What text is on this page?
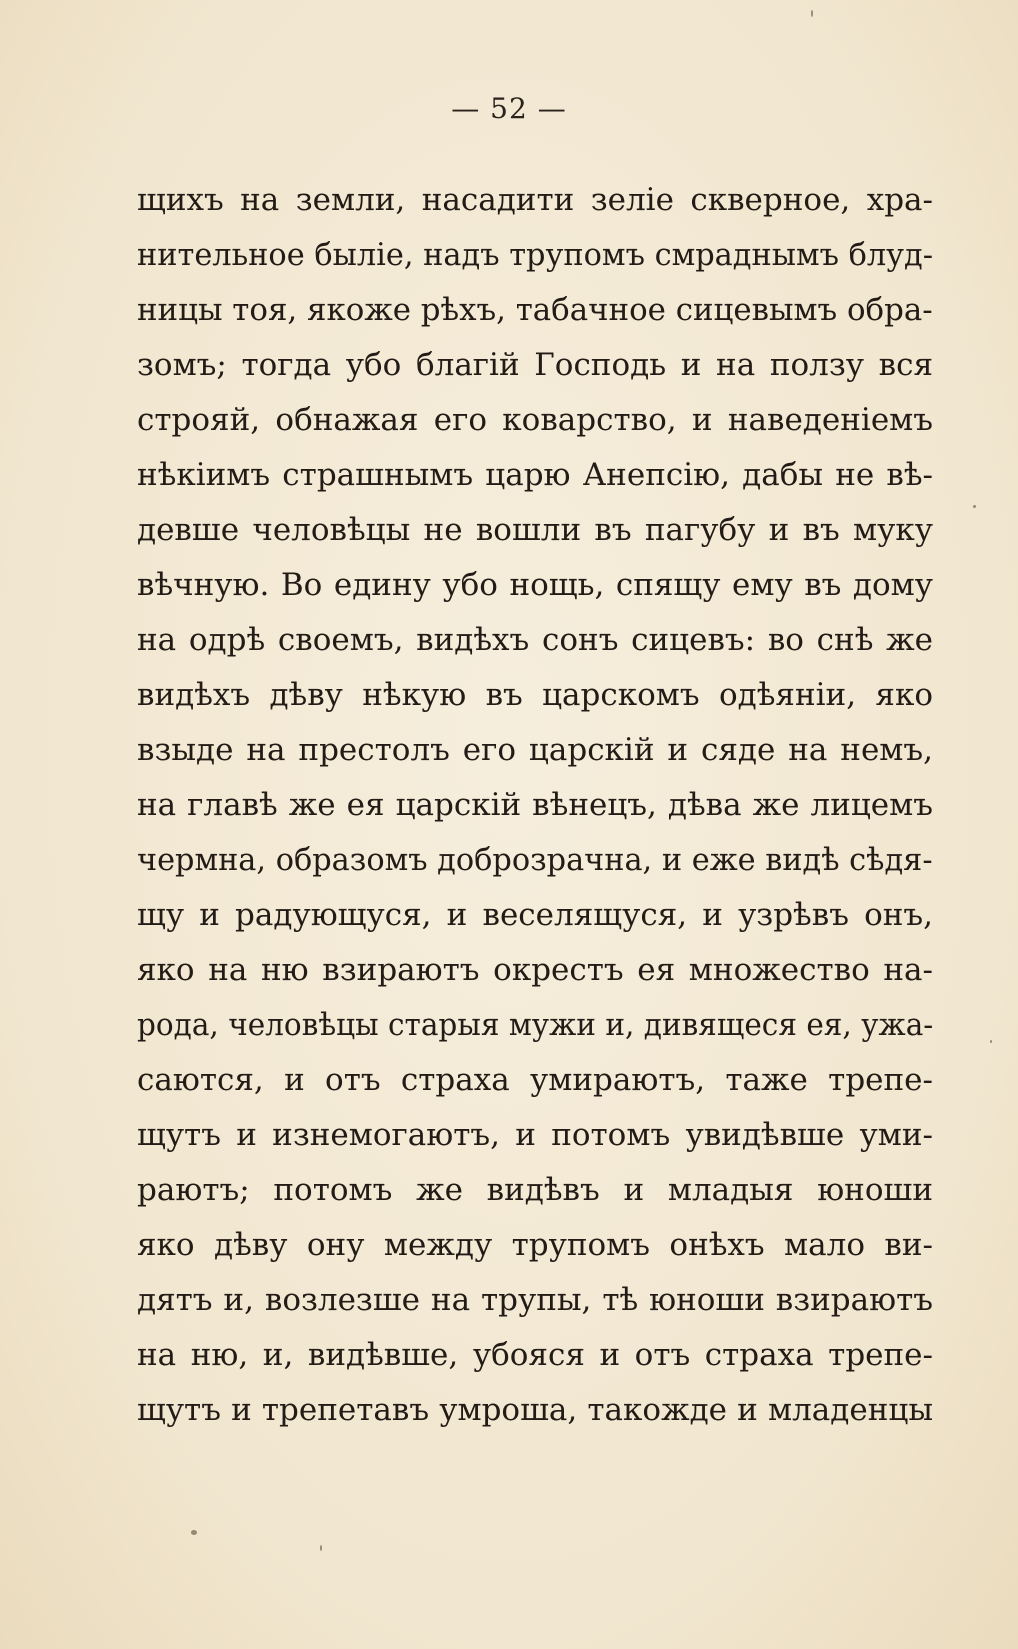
— 52 —
щихъ на земли, насадити зеліе скверное, хра-
нительное быліе, надъ трупомъ смраднымъ блуд-
ницы тоя, якоже рѣхъ, табачное сицевымъ обра-
зомъ; тогда убо благій Господь и на ползу вся
строяй, обнажая его коварство, и наведеніемъ
нѣкіимъ страшнымъ царю Анепсію, дабы не вѣ-
девше человѣцы не вошли въ пагубу и въ муку
вѣчную. Во едину убо нощь, спящу ему въ дому
на одрѣ своемъ, видѣхъ сонъ сицевъ: во снѣ же
видѣхъ дѣву нѣкую въ царскомъ одѣяніи, яко
взыде на престолъ его царскій и сяде на немъ,
на главѣ же ея царскій вѣнецъ, дѣва же лицемъ
чермна, образомъ доброзрачна, и еже видѣ сѣдя-
щу и радующуся, и веселящуся, и узрѣвъ онъ,
яко на ню взираютъ окрестъ ея множество на-
рода, человѣцы старыя мужи и, дивящеся ея, ужа-
саются, и отъ страха умираютъ, таже трепе-
щутъ и изнемогаютъ, и потомъ увидѣвше уми-
раютъ; потомъ же видѣвъ и младыя юноши
яко дѣву ону между трупомъ онѣхъ мало ви-
дятъ и, возлезше на трупы, тѣ юноши взираютъ
на ню, и, видѣвше, убояся и отъ страха трепе-
щутъ и трепетавъ умроша, такожде и младенцы
